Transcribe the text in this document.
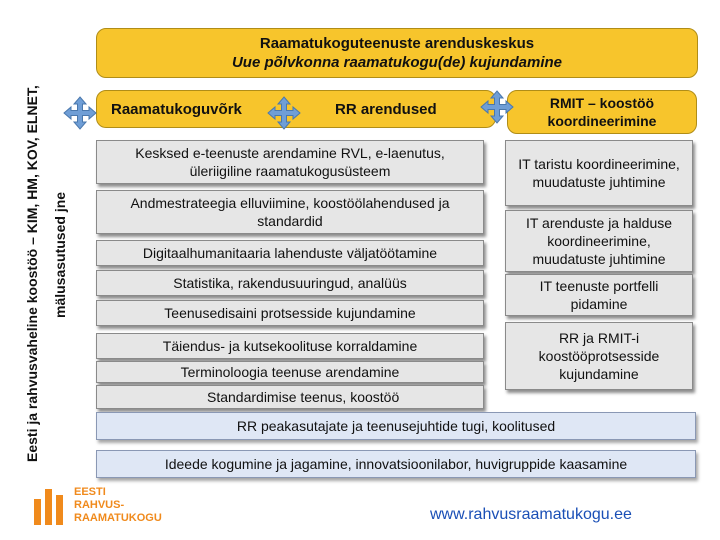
Eesti ja rahvusvaheline koostöö – KIM, HM, KOV, ELNET, mälusasutused jne
Raamatukoguteenuste arenduskeskus
Uue põlvkonna raamatukogu(de) kujundamine
Raamatukoguvõrk	RR arendused	RMIT – koostöö koordineerimine
Kesksed e-teenuste arendamine RVL, e-laenutus, üleriigiline raamatukogusüsteem
Andmestrateegia elluviimine, koostöölahendused ja standardid
Digitaalhumanitaaria lahenduste väljatöötamine
Statistika, rakendusuuringud, analüüs
Teenusedisaini protsesside kujundamine
Täiendus- ja kutsekoolituse korraldamine
Terminoloogia teenuse arendamine
Standardimise teenus, koostöö
IT taristu koordineerimine, muudatuste juhtimine
IT arenduste ja halduse koordineerimine, muudatuste juhtimine
IT teenuste portfelli pidamine
RR ja RMIT-i koostööprotsesside kujundamine
RR peakasutajate ja teenusejuhtide tugi, koolitused
Ideede kogumine ja jagamine, innovatsioonilabor, huvigruppide kaasamine
EESTI
RAHVUS-
RAAMATUKOGU	www.rahvusraamatukogu.ee
